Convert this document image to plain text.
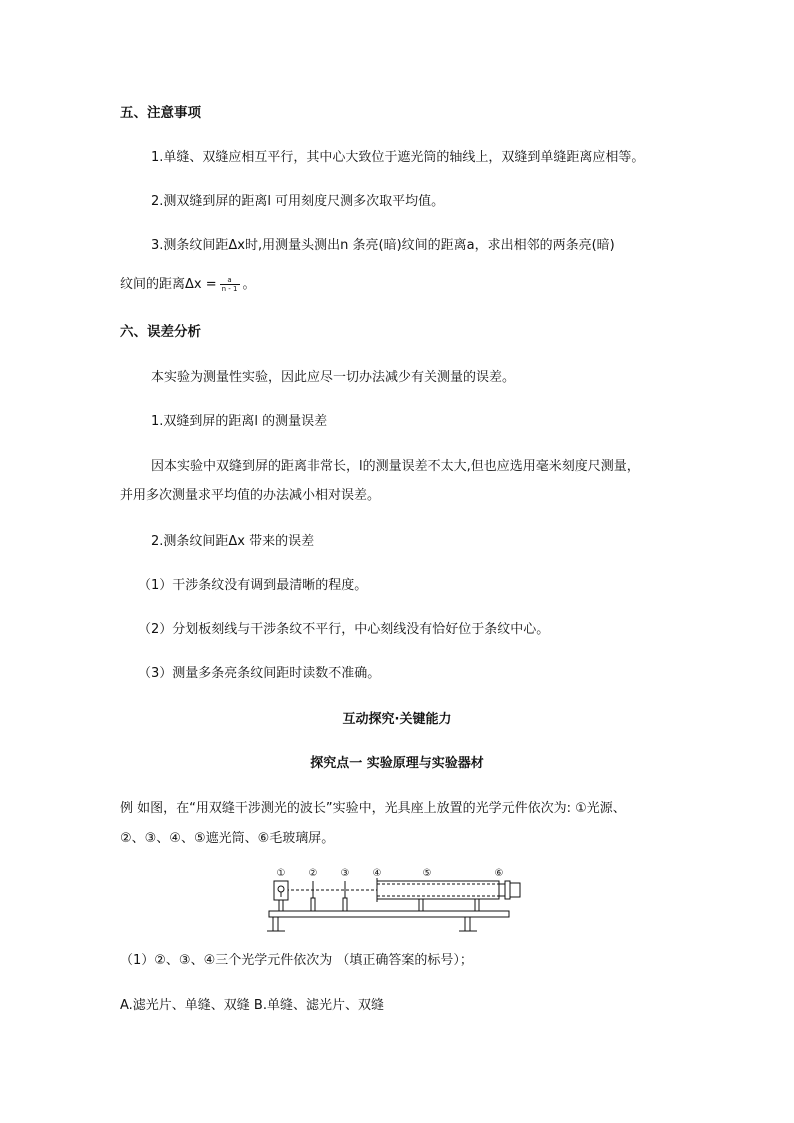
五、注意事项
1.单缝、双缝应相互平行，其中心大致位于遮光筒的轴线上，双缝到单缝距离应相等。
2.测双缝到屏的距离l 可用刻度尺测多次取平均值。
3.测条纹间距Δx时,用测量头测出n 条亮(暗)纹间的距离a，求出相邻的两条亮(暗)
纹间的距离$\Delta x = \frac{a}{n - 1}$ 。
六、误差分析
本实验为测量性实验，因此应尽一切办法减少有关测量的误差。
1.双缝到屏的距离l 的测量误差
因本实验中双缝到屏的距离非常长，l的测量误差不太大,但也应选用毫米刻度尺测量，
并用多次测量求平均值的办法减小相对误差。
2.测条纹间距Δx 带来的误差
（1）干涉条纹没有调到最清晰的程度。
（2）分划板刻线与干涉条纹不平行，中心刻线没有恰好位于条纹中心。
（3）测量多条亮条纹间距时读数不准确。
互动探究·关键能力
探究点一 实验原理与实验器材
例 如图，在“用双缝干涉测光的波长”实验中，光具座上放置的光学元件依次为: ①光源、
②、③、④、⑤遮光筒、⑥毛玻璃屏。
① ② ③ ④	⑤	⑥
（1）②、③、④三个光学元件依次为 （填正确答案的标号）；
A.滤光片、单缝、双缝 B.单缝、滤光片、双缝
